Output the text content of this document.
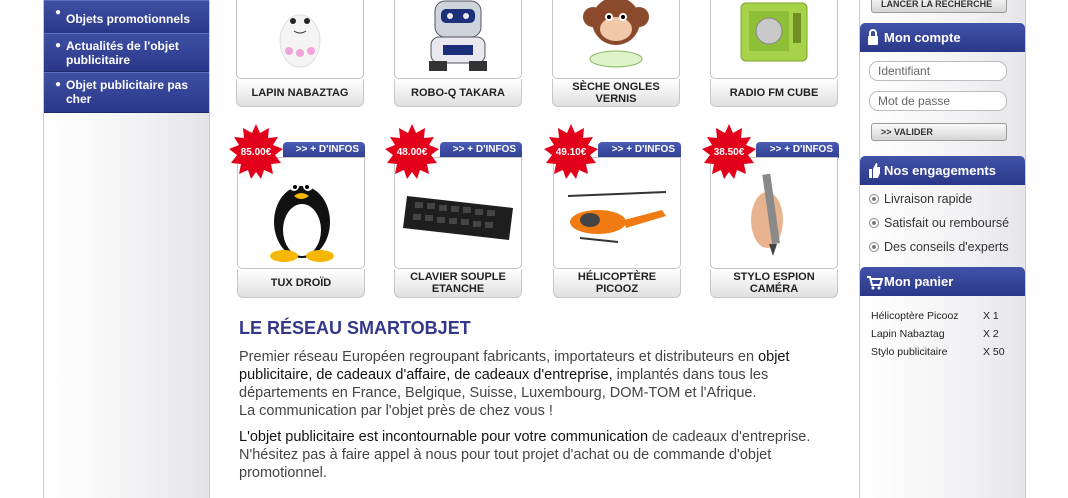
● Objets promotionnels
● Actualités de l'objet publicitaire
● Objet publicitaire pas cher	LAPIN NABAZTAG	ROBO-Q TAKARA	SÈCHE ONGLES VERNIS	RADIO FM CUBE
>> + D'INFOS
85.00€
TUX DROÏD
>> + D'INFOS
48.00€
CLAVIER SOUPLE ETANCHE
>> + D'INFOS
49.10€
HÉLICOPTÈRE PICOOZ
>> + D'INFOS
38.50€
STYLO ESPION CAMÉRA
LE RÉSEAU SMARTOBJET
Premier réseau Européen regroupant fabricants, importateurs et distributeurs en objet publicitaire, de cadeaux d'affaire, de cadeaux d'entreprise, implantés dans tous les départements en France, Belgique, Suisse, Luxembourg, DOM-TOM et l'Afrique.
La communication par l'objet près de chez vous !
L'objet publicitaire est incontournable pour votre communication de cadeaux d'entreprise. N'hésitez pas à faire appel à nous pour tout projet d'achat ou de commande d'objet promotionnel.
LANCER LA RECHERCHE
Mon compte
Identifiant
>> VALIDER
Nos engagements
Livraison rapide
Satisfait ou remboursé
Des conseils d'experts
Mon panier
Hélicoptère Picooz X 1
Lapin Nabaztag	X 2
Stylo publicitaire	X 50
